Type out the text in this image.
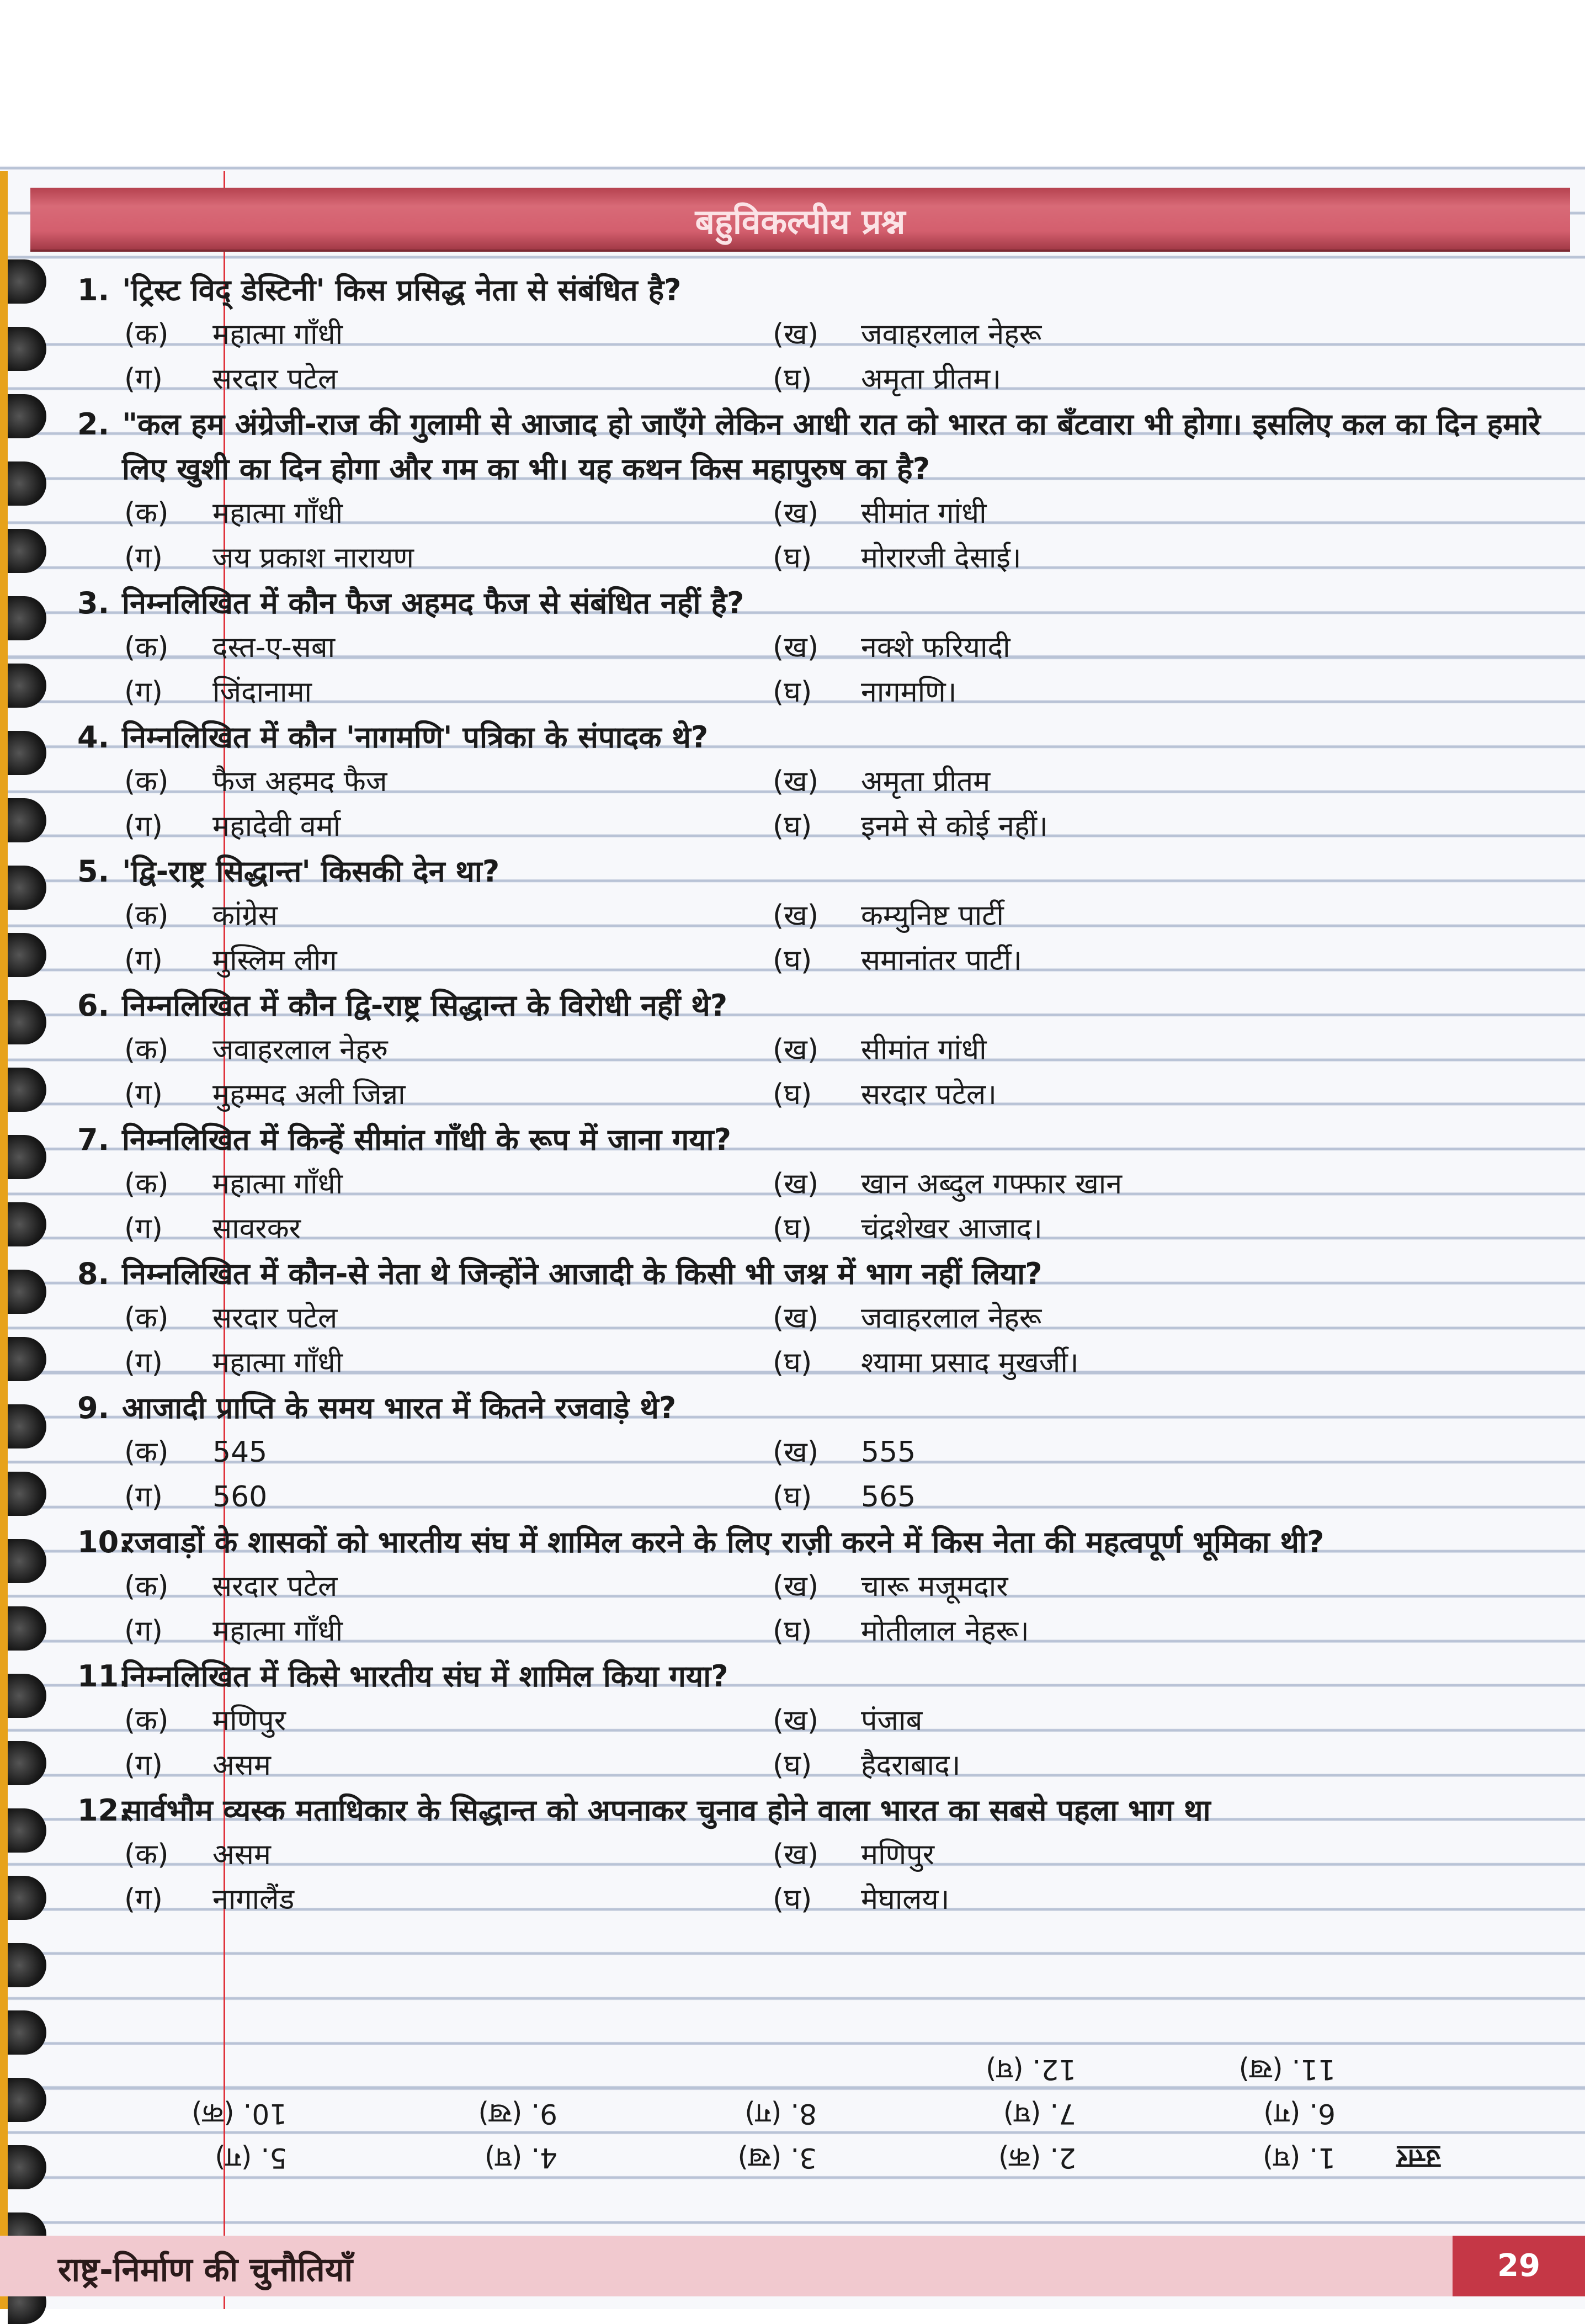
बहुविकल्पीय प्रश्न
1. 'ट्रिस्ट विद् डेस्टिनी' किस प्रसिद्ध नेता से संबंधित है?
(क) महात्मा गाँधी	(ख) जवाहरलाल नेहरू
(ग) सरदार पटेल	(घ) अमृता प्रीतम।
2. "कल हम अंग्रेजी-राज की गुलामी से आजाद हो जाएँगे लेकिन आधी रात को भारत का बँटवारा भी होगा। इसलिए कल का दिन हमारे लिए खुशी का दिन होगा और गम का भी। यह कथन किस महापुरुष का है?
(क) महात्मा गाँधी	(ख) सीमांत गांधी
(ग) जय प्रकाश नारायण	(घ) मोरारजी देसाई।
3. निम्नलिखित में कौन फैज अहमद फैज से संबंधित नहीं है?
(क) दस्त-ए-सबा	(ख) नक्शे फरियादी
(ग) जिंदानामा	(घ) नागमणि।
4. निम्नलिखित में कौन 'नागमणि' पत्रिका के संपादक थे?
(क) फैज अहमद फैज	(ख) अमृता प्रीतम
(ग) महादेवी वर्मा	(घ) इनमे से कोई नहीं।
5. 'द्वि-राष्ट्र सिद्धान्त' किसकी देन था?
(क) कांग्रेस	(ख) कम्युनिष्ट पार्टी
(ग) मुस्लिम लीग	(घ) समानांतर पार्टी।
6. निम्नलिखित में कौन द्वि-राष्ट्र सिद्धान्त के विरोधी नहीं थे?
(क) जवाहरलाल नेहरु	(ख) सीमांत गांधी
(ग) मुहम्मद अली जिन्ना	(घ) सरदार पटेल।
7. निम्नलिखित में किन्हें सीमांत गाँधी के रूप में जाना गया?
(क) महात्मा गाँधी	(ख) खान अब्दुल गफ्फार खान
(ग) सावरकर	(घ) चंद्रशेखर आजाद।
8. निम्नलिखित में कौन-से नेता थे जिन्होंने आजादी के किसी भी जश्न में भाग नहीं लिया?
(क) सरदार पटेल	(ख) जवाहरलाल नेहरू
(ग) महात्मा गाँधी	(घ) श्यामा प्रसाद मुखर्जी।
9. आजादी प्राप्ति के समय भारत में कितने रजवाड़े थे?
(क) 545	(ख) 555
(ग) 560	(घ) 565
10.रजवाड़ों के शासकों को भारतीय संघ में शामिल करने के लिए राज़ी करने में किस नेता की महत्वपूर्ण भूमिका थी?
(क) सरदार पटेल	(ख) चारू मजूमदार
(ग) महात्मा गाँधी	(घ) मोतीलाल नेहरू।
11.निम्नलिखित में किसे भारतीय संघ में शामिल किया गया?
(क) मणिपुर	(ख) पंजाब
(ग) असम	(घ) हैदराबाद।
12.सार्वभौम व्यस्क मताधिकार के सिद्धान्त को अपनाकर चुनाव होने वाला भारत का सबसे पहला भाग था
(क) असम	(ख) मणिपुर
(ग) नागालैंड	(घ) मेघालय।
उत्तर
1. (घ)
2. (क)
3. (ख)
4. (घ)
5. (ग)
6. (ग)
7. (घ)
8. (ग)
9. (ख)
10. (क)
11. (ख)
12. (घ)
राष्ट्र-निर्माण की चुनौतियाँ	29
